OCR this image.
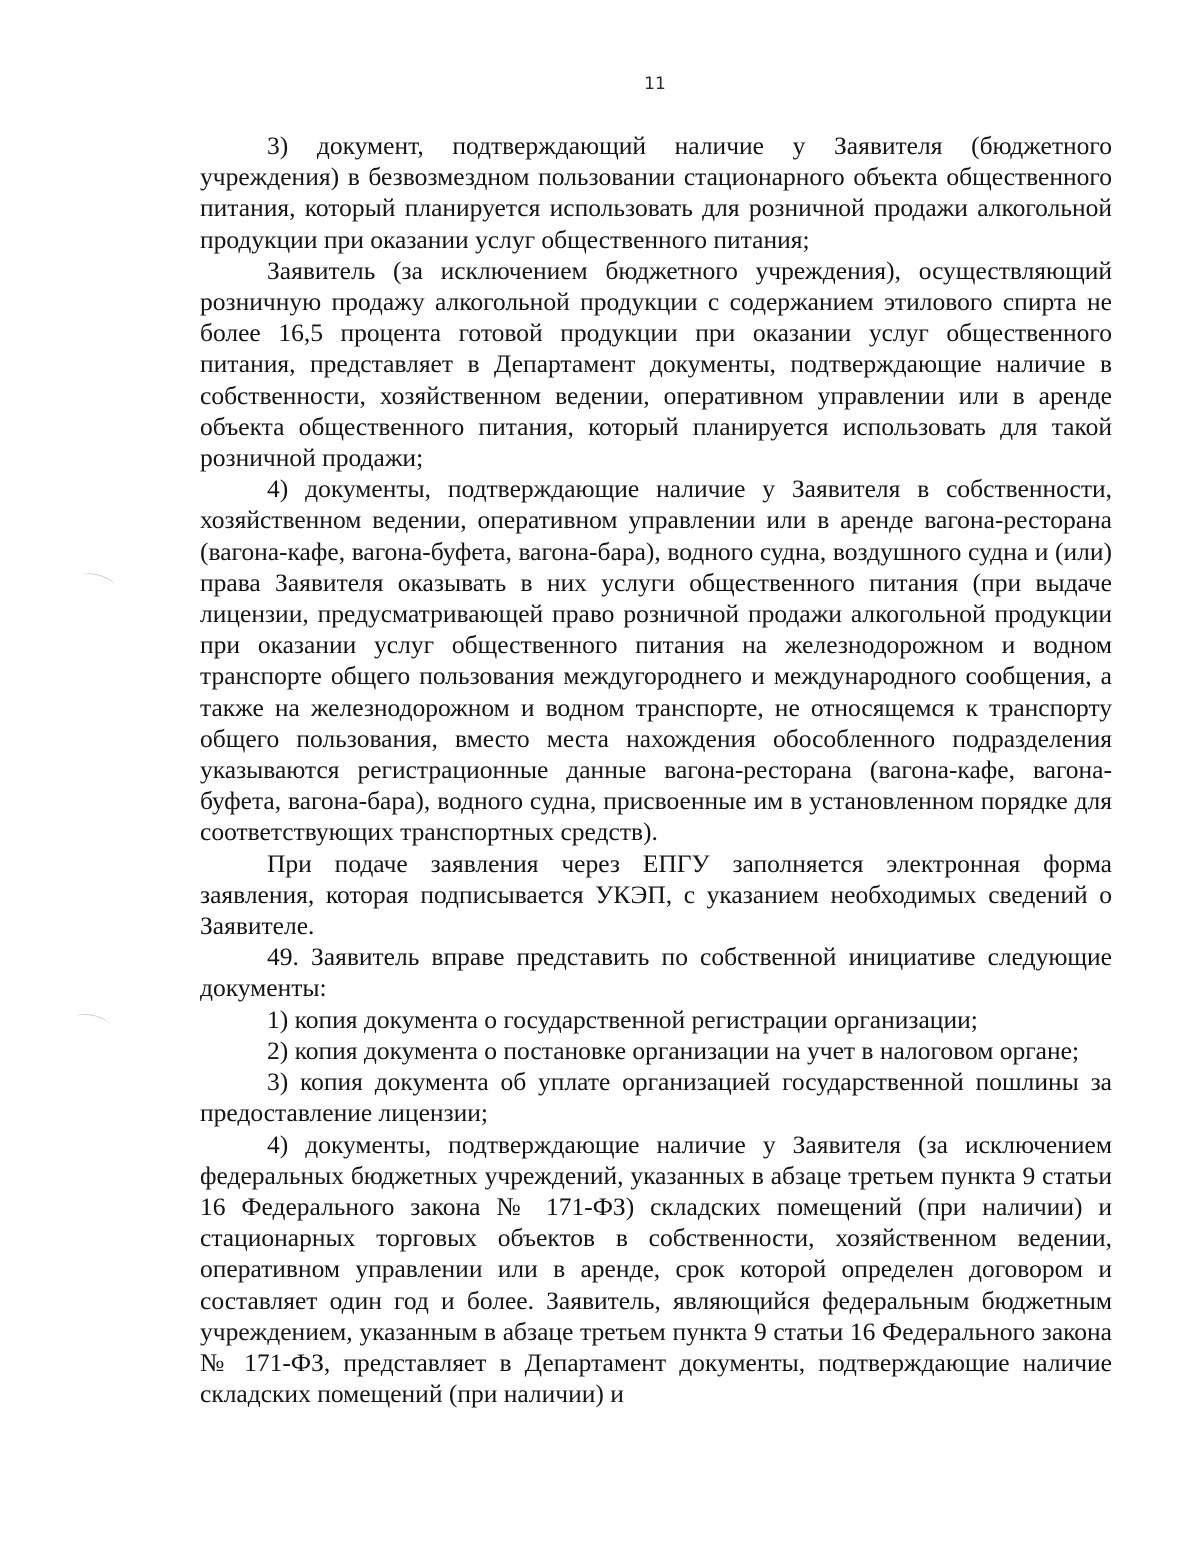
11

3) документ, подтверждающий наличие у Заявителя (бюджетного учреждения) в безвозмездном пользовании стационарного объекта общественного питания, который планируется использовать для розничной продажи алкогольной продукции при оказании услуг общественного питания;

Заявитель (за исключением бюджетного учреждения), осуществляющий розничную продажу алкогольной продукции с содержанием этилового спирта не более 16,5 процента готовой продукции при оказании услуг общественного питания, представляет в Департамент документы, подтверждающие наличие в собственности, хозяйственном ведении, оперативном управлении или в аренде объекта общественного питания, который планируется использовать для такой розничной продажи;

4) документы, подтверждающие наличие у Заявителя в собственности, хозяйственном ведении, оперативном управлении или в аренде вагона-ресторана (вагона-кафе, вагона-буфета, вагона-бара), водного судна, воздушного судна и (или) права Заявителя оказывать в них услуги общественного питания (при выдаче лицензии, предусматривающей право розничной продажи алкогольной продукции при оказании услуг общественного питания на железнодорожном и водном транспорте общего пользования междугороднего и международного сообщения, а также на железнодорожном и водном транспорте, не относящемся к транспорту общего пользования, вместо места нахождения обособленного подразделения указываются регистрационные данные вагона-ресторана (вагона-кафе, вагона-буфета, вагона-бара), водного судна, присвоенные им в установленном порядке для соответствующих транспортных средств).

При подаче заявления через ЕПГУ заполняется электронная форма заявления, которая подписывается УКЭП, с указанием необходимых сведений о Заявителе.

49. Заявитель вправе представить по собственной инициативе следующие документы:

1) копия документа о государственной регистрации организации;

2) копия документа о постановке организации на учет в налоговом органе;

3) копия документа об уплате организацией государственной пошлины за предоставление лицензии;

4) документы, подтверждающие наличие у Заявителя (за исключением федеральных бюджетных учреждений, указанных в абзаце третьем пункта 9 статьи 16 Федерального закона № 171-ФЗ) складских помещений (при наличии) и стационарных торговых объектов в собственности, хозяйственном ведении, оперативном управлении или в аренде, срок которой определен договором и составляет один год и более. Заявитель, являющийся федеральным бюджетным учреждением, указанным в абзаце третьем пункта 9 статьи 16 Федерального закона № 171-ФЗ, представляет в Департамент документы, подтверждающие наличие складских помещений (при наличии) и
